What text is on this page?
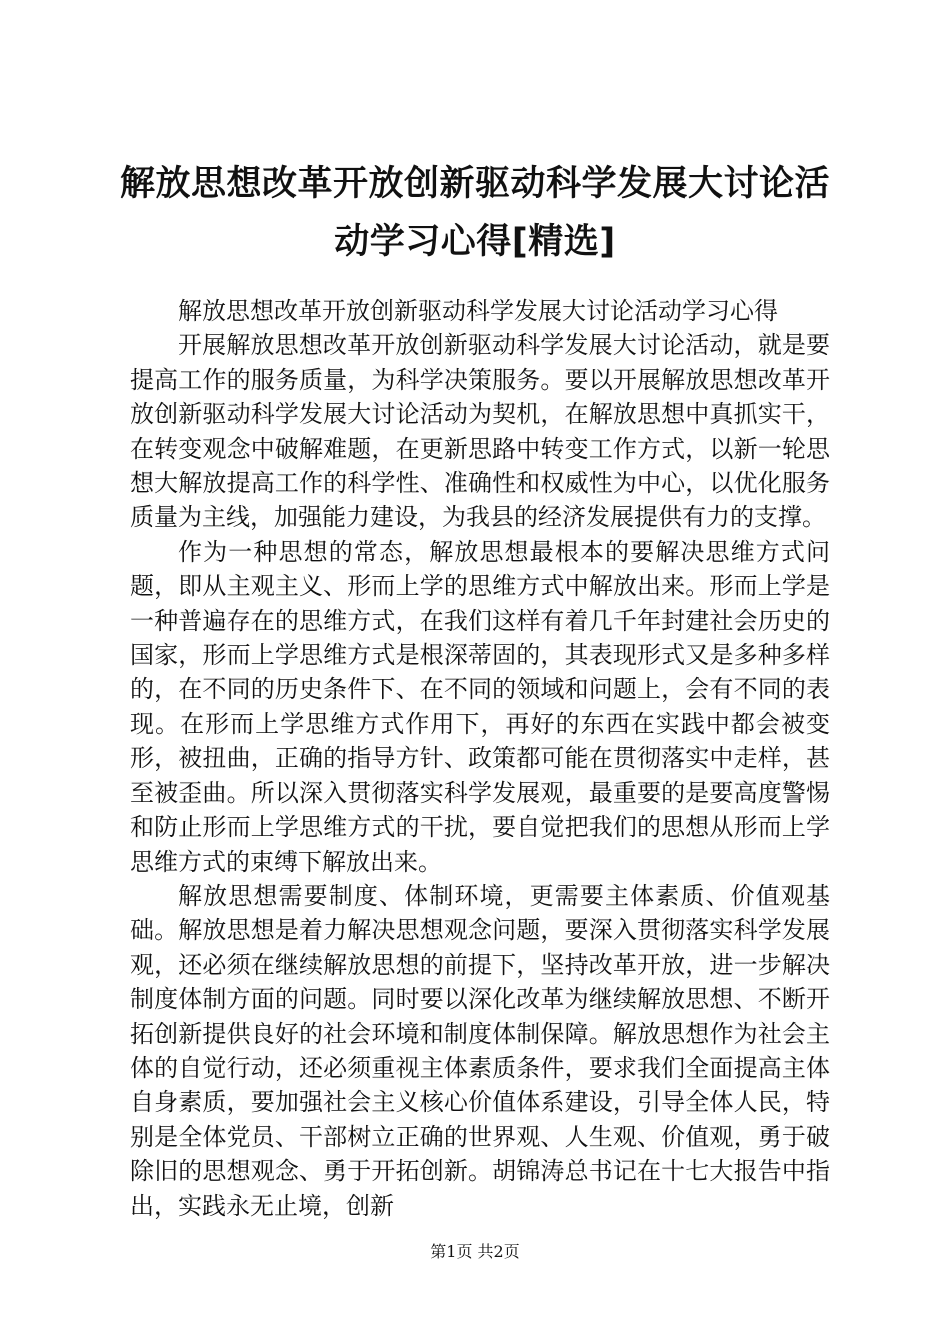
解放思想改革开放创新驱动科学发展大讨论活
动学习心得[精选]

解放思想改革开放创新驱动科学发展大讨论活动学习心得

开展解放思想改革开放创新驱动科学发展大讨论活动，就是要提高工作的服务质量，为科学决策服务。要以开展解放思想改革开放创新驱动科学发展大讨论活动为契机，在解放思想中真抓实干，在转变观念中破解难题，在更新思路中转变工作方式，以新一轮思想大解放提高工作的科学性、准确性和权威性为中心，以优化服务质量为主线，加强能力建设，为我县的经济发展提供有力的支撑。

作为一种思想的常态，解放思想最根本的要解决思维方式问题，即从主观主义、形而上学的思维方式中解放出来。形而上学是一种普遍存在的思维方式，在我们这样有着几千年封建社会历史的国家，形而上学思维方式是根深蒂固的，其表现形式又是多种多样的，在不同的历史条件下、在不同的领域和问题上，会有不同的表现。在形而上学思维方式作用下，再好的东西在实践中都会被变形，被扭曲，正确的指导方针、政策都可能在贯彻落实中走样，甚至被歪曲。所以深入贯彻落实科学发展观，最重要的是要高度警惕和防止形而上学思维方式的干扰，要自觉把我们的思想从形而上学思维方式的束缚下解放出来。

解放思想需要制度、体制环境，更需要主体素质、价值观基础。解放思想是着力解决思想观念问题，要深入贯彻落实科学发展观，还必须在继续解放思想的前提下，坚持改革开放，进一步解决制度体制方面的问题。同时要以深化改革为继续解放思想、不断开拓创新提供良好的社会环境和制度体制保障。解放思想作为社会主体的自觉行动，还必须重视主体素质条件，要求我们全面提高主体自身素质，要加强社会主义核心价值体系建设，引导全体人民，特别是全体党员、干部树立正确的世界观、人生观、价值观，勇于破除旧的思想观念、勇于开拓创新。胡锦涛总书记在十七大报告中指出，实践永无止境，创新

第1页 共2页
